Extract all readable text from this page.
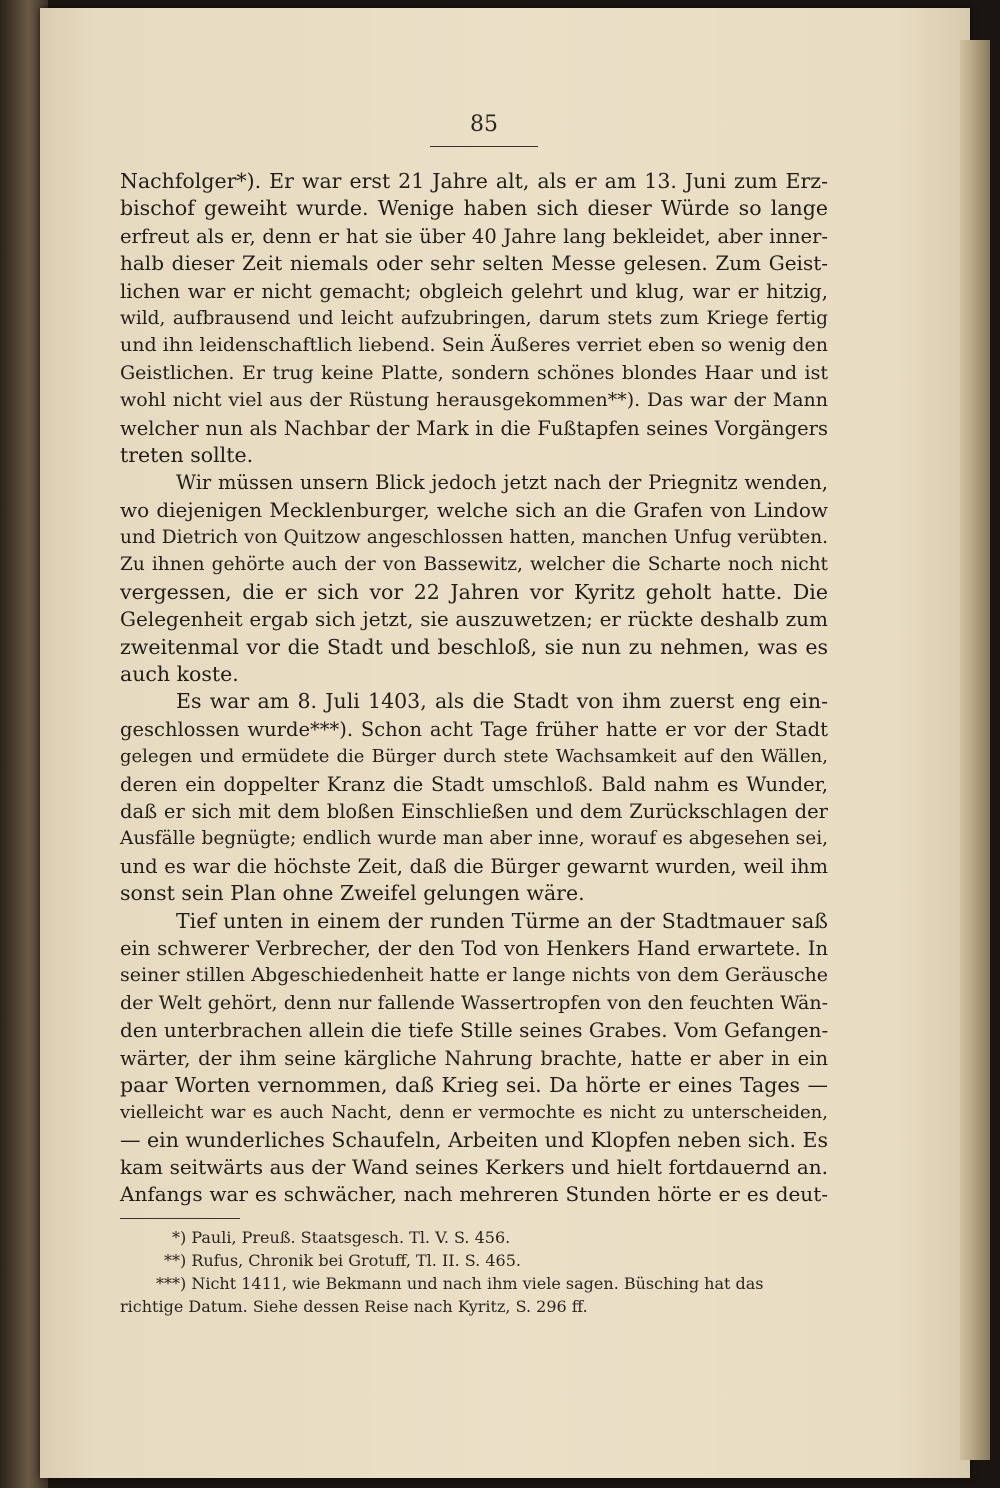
85
Nachfolger*). Er war erst 21 Jahre alt, als er am 13. Juni zum Erz-
bischof geweiht wurde. Wenige haben sich dieser Würde so lange
erfreut als er, denn er hat sie über 40 Jahre lang bekleidet, aber inner-
halb dieser Zeit niemals oder sehr selten Messe gelesen. Zum Geist-
lichen war er nicht gemacht; obgleich gelehrt und klug, war er hitzig,
wild, aufbrausend und leicht aufzubringen, darum stets zum Kriege fertig
und ihn leidenschaftlich liebend. Sein Äußeres verriet eben so wenig den
Geistlichen. Er trug keine Platte, sondern schönes blondes Haar und ist
wohl nicht viel aus der Rüstung herausgekommen**). Das war der Mann
welcher nun als Nachbar der Mark in die Fußtapfen seines Vorgängers
treten sollte.
Wir müssen unsern Blick jedoch jetzt nach der Priegnitz wenden,
wo diejenigen Mecklenburger, welche sich an die Grafen von Lindow
und Dietrich von Quitzow angeschlossen hatten, manchen Unfug verübten.
Zu ihnen gehörte auch der von Bassewitz, welcher die Scharte noch nicht
vergessen, die er sich vor 22 Jahren vor Kyritz geholt hatte. Die
Gelegenheit ergab sich jetzt, sie auszuwetzen; er rückte deshalb zum
zweitenmal vor die Stadt und beschloß, sie nun zu nehmen, was es
auch koste.
Es war am 8. Juli 1403, als die Stadt von ihm zuerst eng ein-
geschlossen wurde***). Schon acht Tage früher hatte er vor der Stadt
gelegen und ermüdete die Bürger durch stete Wachsamkeit auf den Wällen,
deren ein doppelter Kranz die Stadt umschloß. Bald nahm es Wunder,
daß er sich mit dem bloßen Einschließen und dem Zurückschlagen der
Ausfälle begnügte; endlich wurde man aber inne, worauf es abgesehen sei,
und es war die höchste Zeit, daß die Bürger gewarnt wurden, weil ihm
sonst sein Plan ohne Zweifel gelungen wäre.
Tief unten in einem der runden Türme an der Stadtmauer saß
ein schwerer Verbrecher, der den Tod von Henkers Hand erwartete. In
seiner stillen Abgeschiedenheit hatte er lange nichts von dem Geräusche
der Welt gehört, denn nur fallende Wassertropfen von den feuchten Wän-
den unterbrachen allein die tiefe Stille seines Grabes. Vom Gefangen-
wärter, der ihm seine kärgliche Nahrung brachte, hatte er aber in ein
paar Worten vernommen, daß Krieg sei. Da hörte er eines Tages —
vielleicht war es auch Nacht, denn er vermochte es nicht zu unterscheiden,
— ein wunderliches Schaufeln, Arbeiten und Klopfen neben sich. Es
kam seitwärts aus der Wand seines Kerkers und hielt fortdauernd an.
Anfangs war es schwächer, nach mehreren Stunden hörte er es deut-
*) Pauli, Preuß. Staatsgesch. Tl. V. S. 456.
**) Rufus, Chronik bei Grotuff, Tl. II. S. 465.
***) Nicht 1411, wie Bekmann und nach ihm viele sagen. Büsching hat das
richtige Datum. Siehe dessen Reise nach Kyritz, S. 296 ff.
